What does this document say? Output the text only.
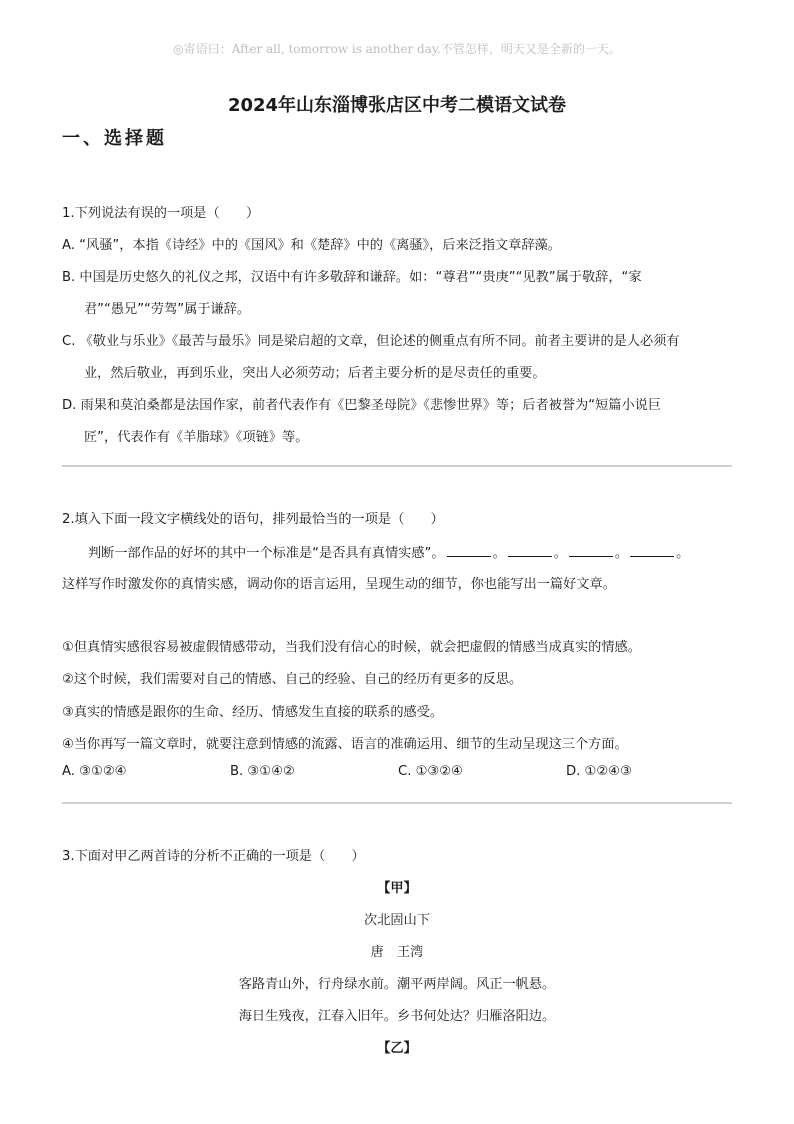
◎寄语曰：After all, tomorrow is another day.不管怎样，明天又是全新的一天。
2024年山东淄博张店区中考二模语文试卷
一、选择题
1.下列说法有误的一项是（　　）
A. “风骚”，本指《诗经》中的《国风》和《楚辞》中的《离骚》，后来泛指文章辞藻。
B. 中国是历史悠久的礼仪之邦，汉语中有许多敬辞和谦辞。如：“尊君”“贵庚”“见教”属于敬辞，“家
君”“愚兄”“劳驾”属于谦辞。
C. 《敬业与乐业》《最苦与最乐》同是梁启超的文章，但论述的侧重点有所不同。前者主要讲的是人必须有
业，然后敬业，再到乐业，突出人必须劳动；后者主要分析的是尽责任的重要。
D. 雨果和莫泊桑都是法国作家，前者代表作有《巴黎圣母院》《悲惨世界》等；后者被誉为“短篇小说巨
匠”，代表作有《羊脂球》《项链》等。
2.填入下面一段文字横线处的语句，排列最恰当的一项是（　　）
判断一部作品的好坏的其中一个标准是“是否具有真情实感”。	。	。	。	。
这样写作时激发你的真情实感，调动你的语言运用，呈现生动的细节，你也能写出一篇好文章。
①但真情实感很容易被虚假情感带动，当我们没有信心的时候，就会把虚假的情感当成真实的情感。
②这个时候，我们需要对自己的情感、自己的经验、自己的经历有更多的反思。
③真实的情感是跟你的生命、经历、情感发生直接的联系的感受。
④当你再写一篇文章时，就要注意到情感的流露、语言的准确运用、细节的生动呈现这三个方面。
A. ③①②④	B. ③①④②	C. ①③②④	D. ①②④③
3.下面对甲乙两首诗的分析不正确的一项是（　　）
【甲】
次北固山下
唐　王湾
客路青山外，行舟绿水前。潮平两岸阔。风正一帆悬。
海日生残夜，江春入旧年。乡书何处达？归雁洛阳边。
【乙】
